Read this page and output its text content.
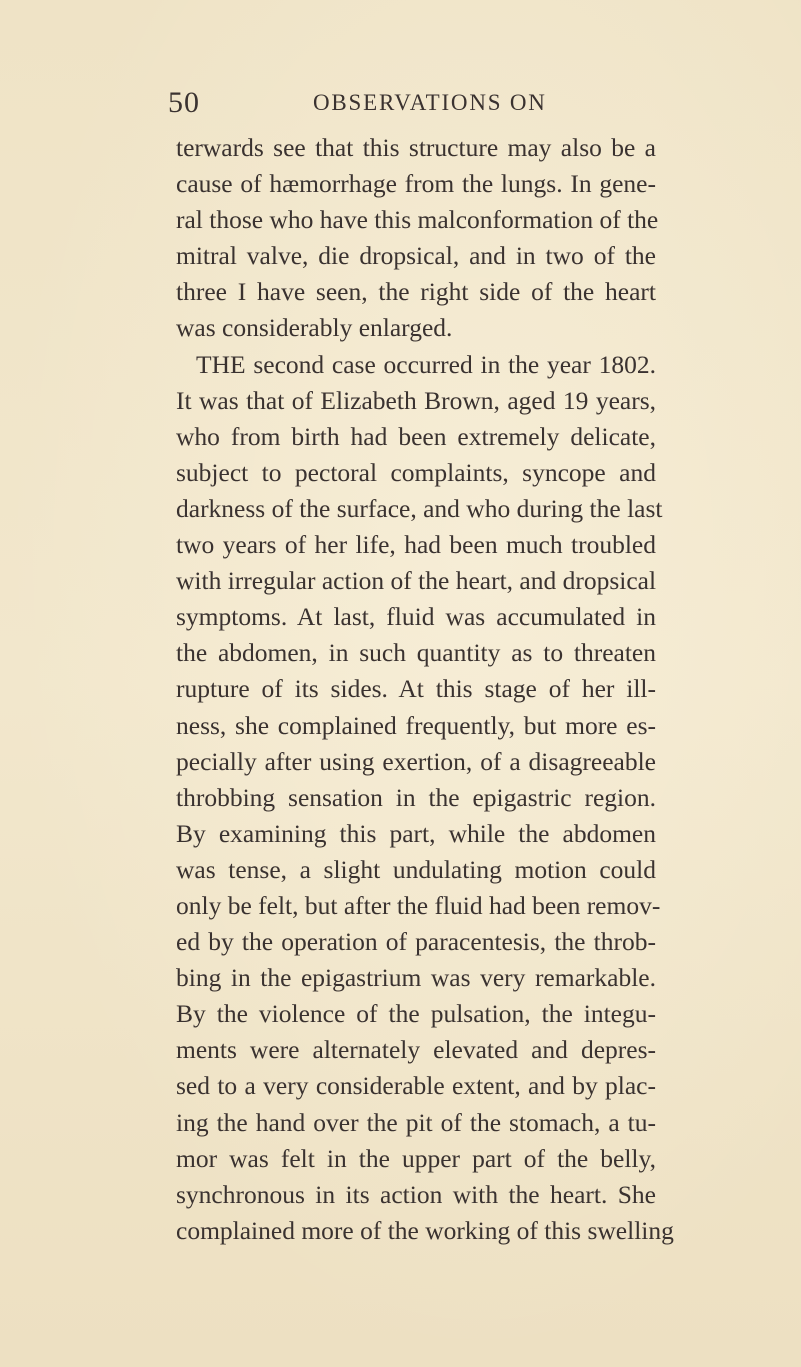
50	OBSERVATIONS ON
terwards see that this structure may also be a
cause of hæmorrhage from the lungs. In gene-
ral those who have this malconformation of the
mitral valve, die dropsical, and in two of the
three I have seen, the right side of the heart
was considerably enlarged.
THE second case occurred in the year 1802.
It was that of Elizabeth Brown, aged 19 years,
who from birth had been extremely delicate,
subject to pectoral complaints, syncope and
darkness of the surface, and who during the last
two years of her life, had been much troubled
with irregular action of the heart, and dropsical
symptoms. At last, fluid was accumulated in
the abdomen, in such quantity as to threaten
rupture of its sides. At this stage of her ill-
ness, she complained frequently, but more es-
pecially after using exertion, of a disagreeable
throbbing sensation in the epigastric region.
By examining this part, while the abdomen
was tense, a slight undulating motion could
only be felt, but after the fluid had been remov-
ed by the operation of paracentesis, the throb-
bing in the epigastrium was very remarkable.
By the violence of the pulsation, the integu-
ments were alternately elevated and depres-
sed to a very considerable extent, and by plac-
ing the hand over the pit of the stomach, a tu-
mor was felt in the upper part of the belly,
synchronous in its action with the heart. She
complained more of the working of this swelling
